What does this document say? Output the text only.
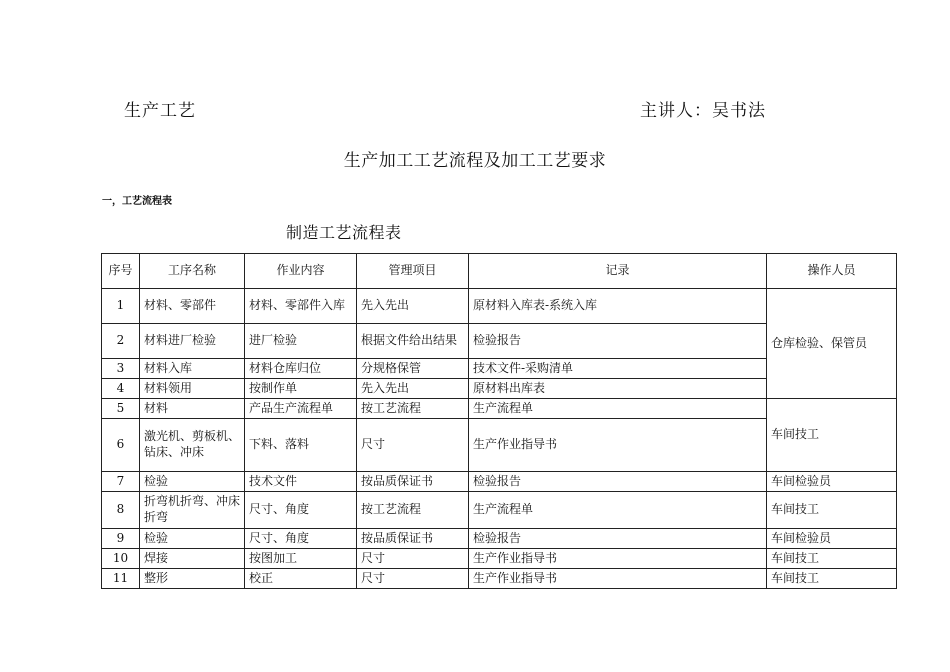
生产工艺	主讲人：吴书法
生产加工工艺流程及加工工艺要求
一，工艺流程表
制造工艺流程表
序号	工序名称	作业内容	管理项目	记录	操作人员
1	材料、零部件	材料、零部件入库	先入先出	原材料入库表-系统入库	仓库检验、保管员
2	材料进厂检验	进厂检验	根据文件给出结果	检验报告	
3	材料入库	材料仓库归位	分规格保管	技术文件-采购清单	
4	材料领用	按制作单	先入先出	原材料出库表	
5	材料	产品生产流程单	按工艺流程	生产流程单	车间技工
6	激光机、剪板机、钻床、冲床	下料、落料	尺寸	生产作业指导书	
7	检验	技术文件	按品质保证书	检验报告	车间检验员
8	折弯机折弯、冲床折弯	尺寸、角度	按工艺流程	生产流程单	车间技工
9	检验	尺寸、角度	按品质保证书	检验报告	车间检验员
10	焊接	按图加工	尺寸	生产作业指导书	车间技工
11	整形	校正	尺寸	生产作业指导书	车间技工
